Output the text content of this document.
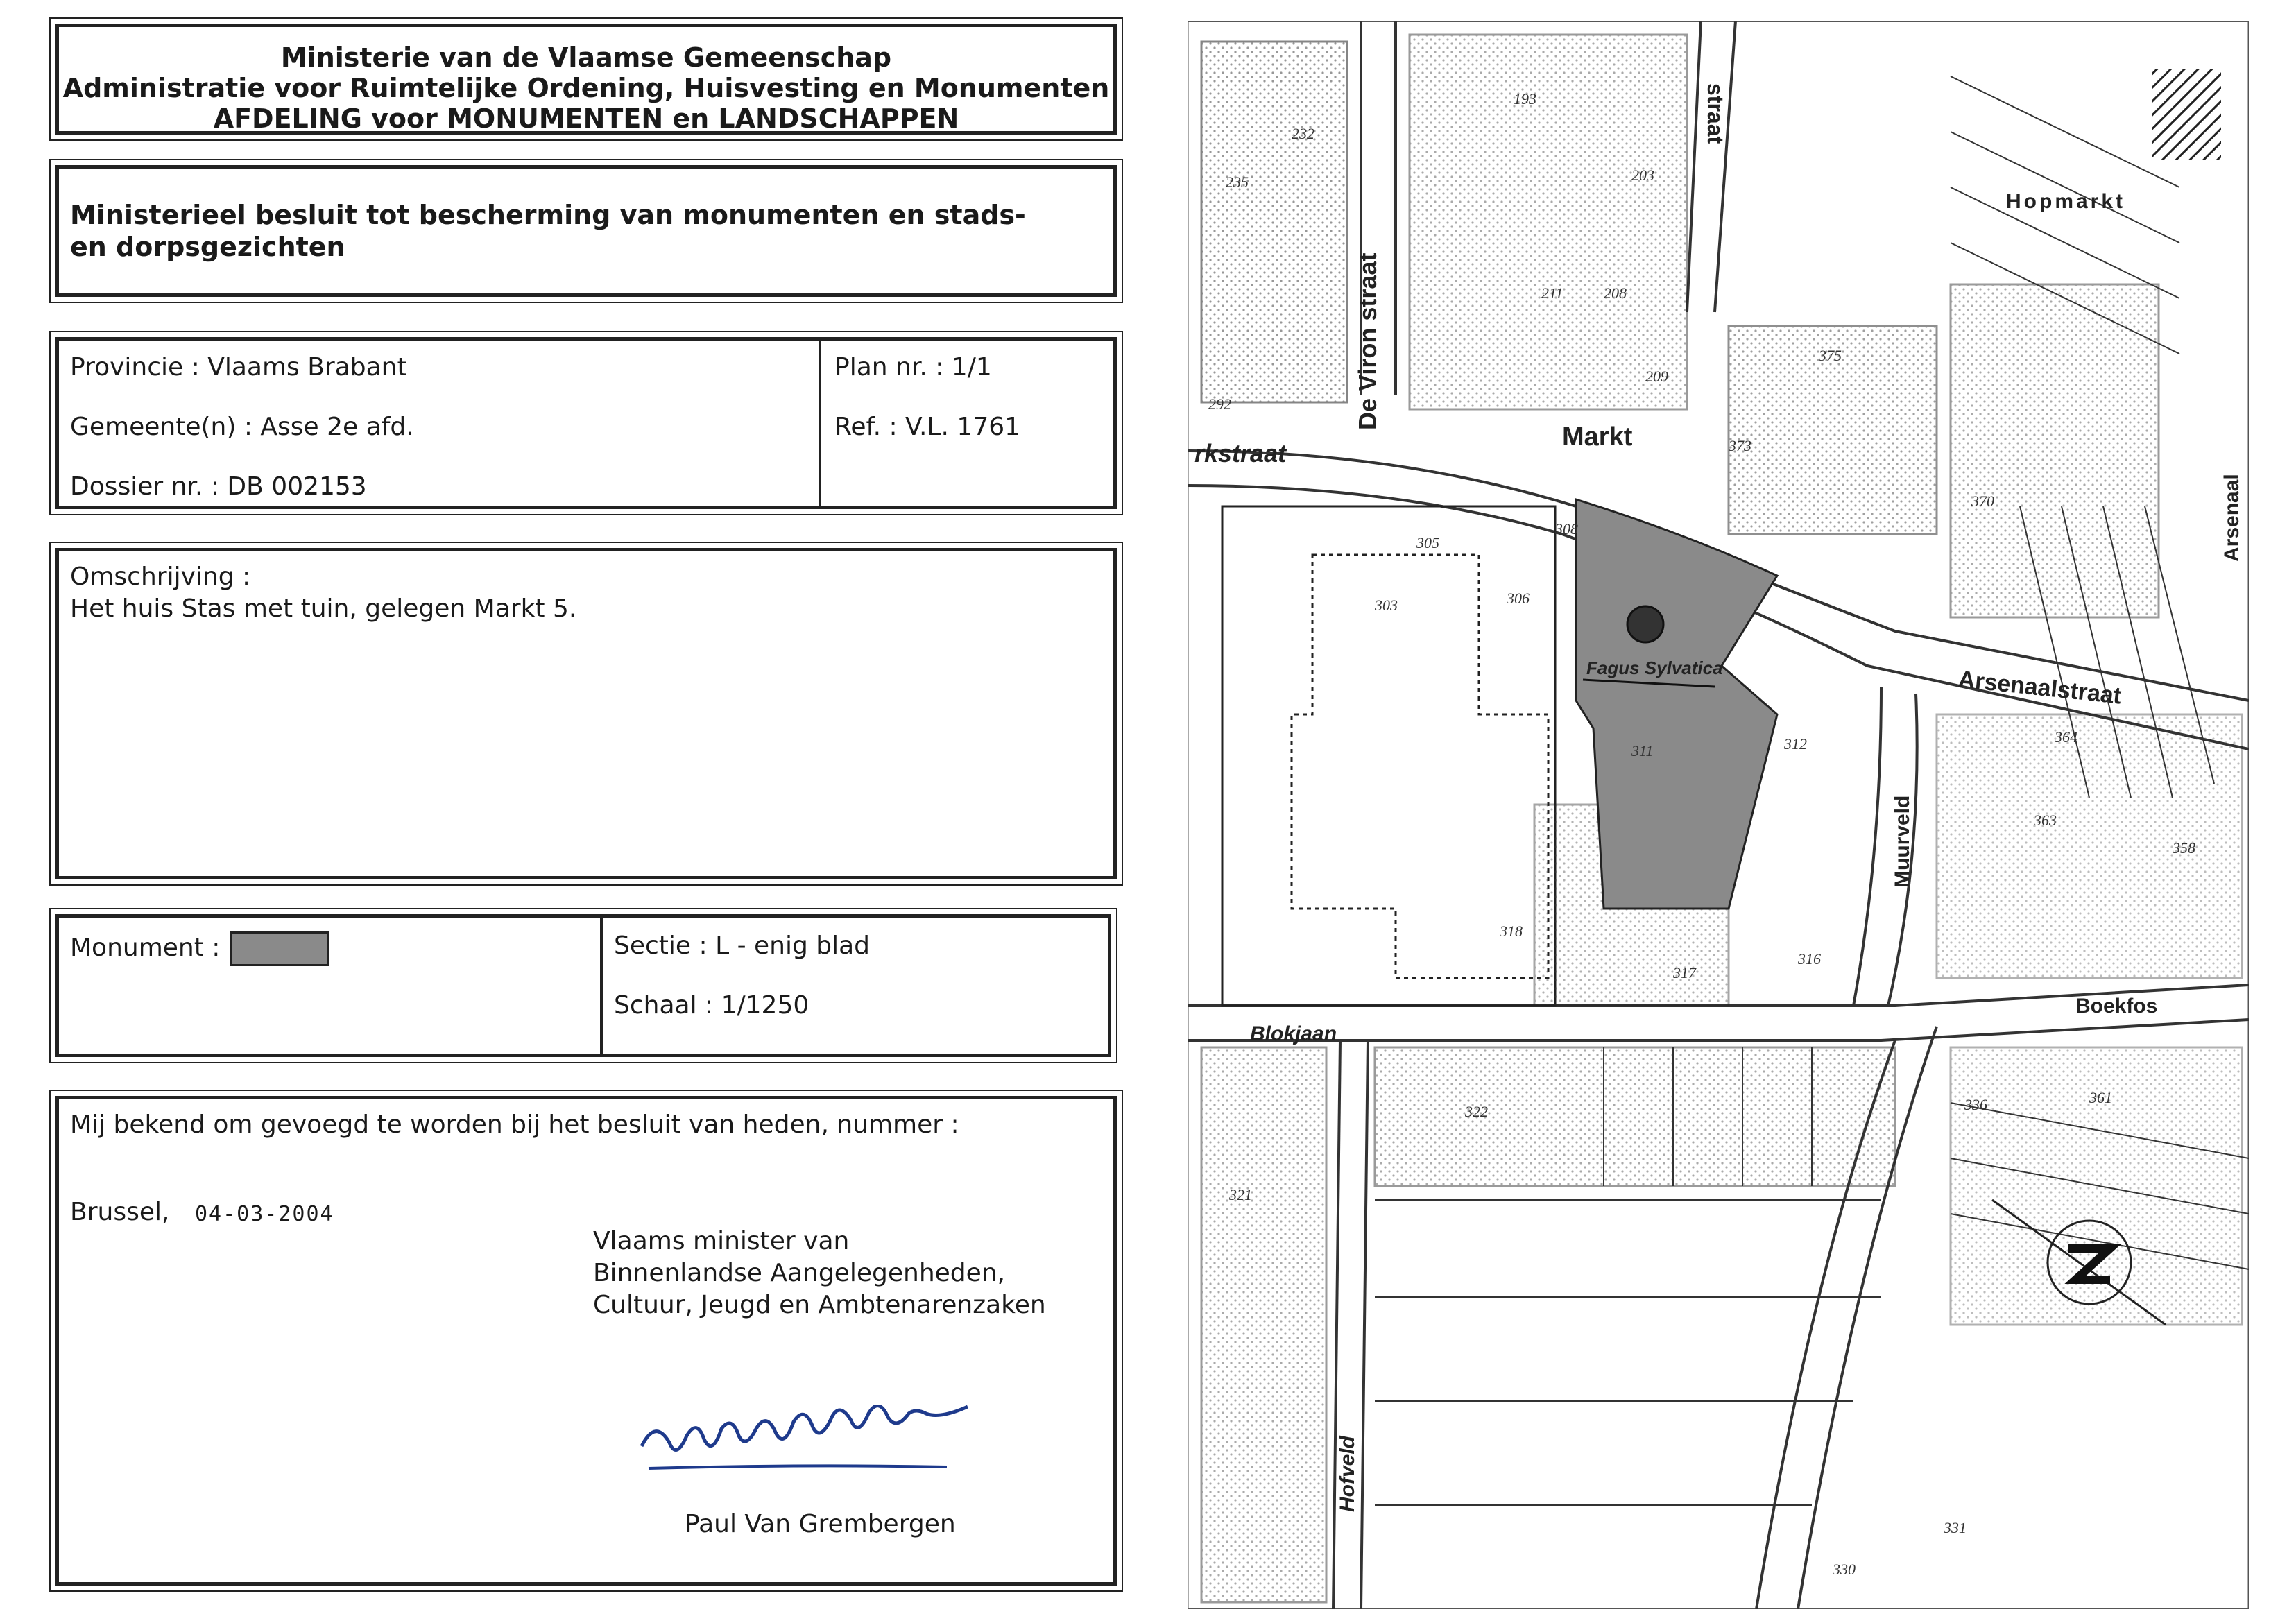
Ministerie van de Vlaamse Gemeenschap
Administratie voor Ruimtelijke Ordening, Huisvesting en Monumenten
AFDELING voor MONUMENTEN en LANDSCHAPPEN
Ministerieel besluit tot bescherming van monumenten en stads- en dorpsgezichten
Provincie : Vlaams Brabant
Gemeente(n) : Asse 2e afd.
Dossier nr. : DB 002153
Plan nr. : 1/1
Ref. : V.L. 1761
Omschrijving :
Het huis Stas met tuin, gelegen Markt 5.
Monument :	Sectie : L - enig blad
Schaal : 1/1250
Mij bekend om gevoegd te worden bij het besluit van heden, nummer :
Brussel, 04-03-2004
Vlaams minister van
Binnenlandse Aangelegenheden,
Cultuur, Jeugd en Ambtenarenzaken
Paul Van Grembergen
Fagus Sylvatica
Hopmarkt
De Viron straat
Markt
Arsenaalstraat
Muurveld
Boekfos
Blokjaan
Hofveld
rkstraat
straat
Arsenaal
193
235
232
203
208
211
209
292
375
373
370
303
308
306
311
305
312
318
317
316
322	336	361
358
363
364
321
331
330
